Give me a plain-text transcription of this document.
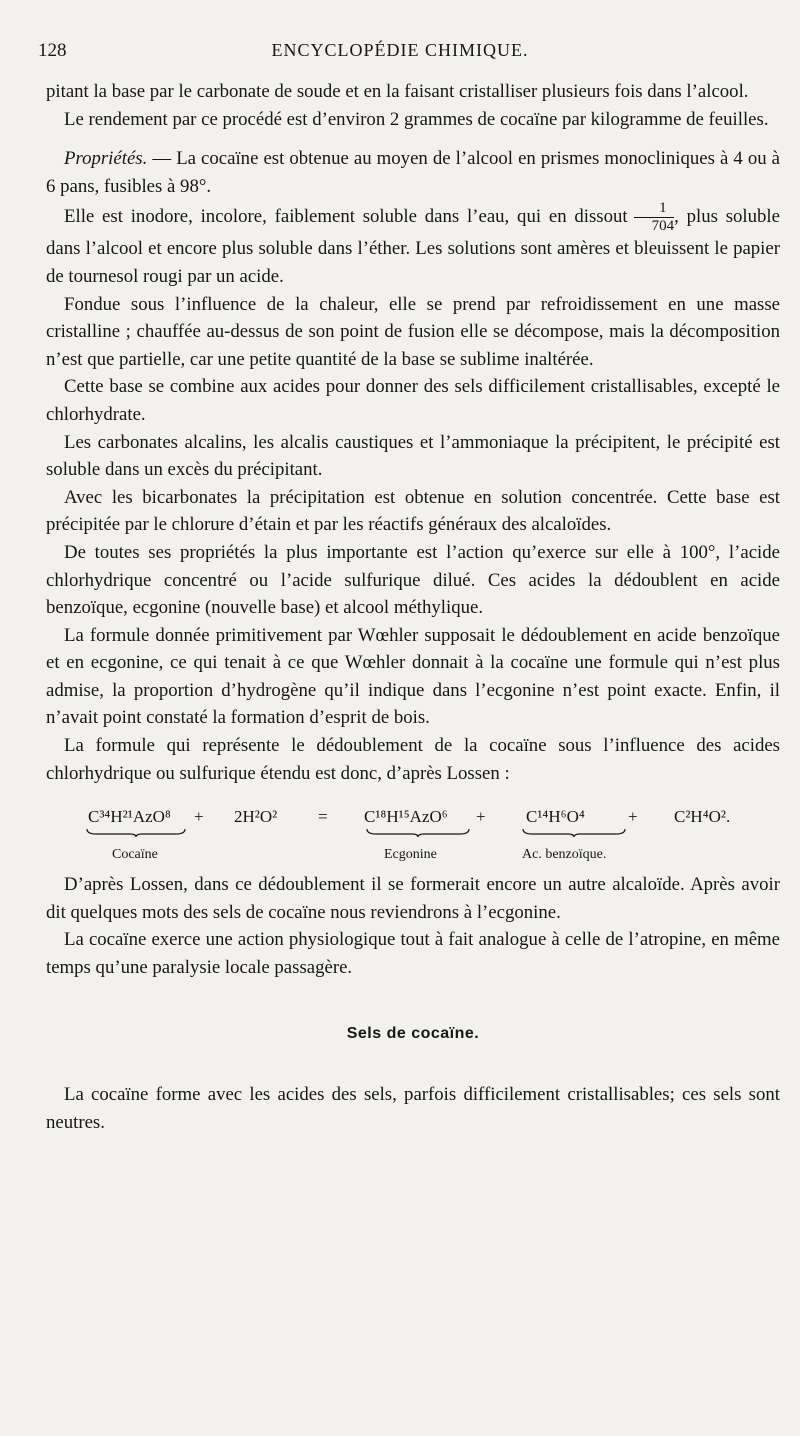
128	ENCYCLOPÉDIE CHIMIQUE.

pitant la base par le carbonate de soude et en la faisant cristalliser plusieurs fois dans l’alcool.

Le rendement par ce procédé est d’environ 2 grammes de cocaïne par kilogramme de feuilles.

Propriétés. — La cocaïne est obtenue au moyen de l’alcool en prismes monocliniques à 4 ou à 6 pans, fusibles à 98°.

Elle est inodore, incolore, faiblement soluble dans l’eau, qui en dissout $\frac{1}{704}$ , plus soluble dans l’alcool et encore plus soluble dans l’éther. Les solutions sont amères et bleuissent le papier de tournesol rougi par un acide.

Fondue sous l’influence de la chaleur, elle se prend par refroidissement en une masse cristalline ; chauffée au-dessus de son point de fusion elle se décompose, mais la décomposition n’est que partielle, car une petite quantité de la base se sublime inaltérée.

Cette base se combine aux acides pour donner des sels difficilement cristallisables, excepté le chlorhydrate.

Les carbonates alcalins, les alcalis caustiques et l’ammoniaque la précipitent, le précipité est soluble dans un excès du précipitant.

Avec les bicarbonates la précipitation est obtenue en solution concentrée. Cette base est précipitée par le chlorure d’étain et par les réactifs généraux des alcaloïdes.

De toutes ses propriétés la plus importante est l’action qu’exerce sur elle à 100°, l’acide chlorhydrique concentré ou l’acide sulfurique dilué. Ces acides la dédoublent en acide benzoïque, ecgonine (nouvelle base) et alcool méthylique.

La formule donnée primitivement par Wœhler supposait le dédoublement en acide benzoïque et en ecgonine, ce qui tenait à ce que Wœhler donnait à la cocaïne une formule qui n’est plus admise, la proportion d’hydrogène qu’il indique dans l’ecgonine n’est point exacte. Enfin, il n’avait point constaté la formation d’esprit de bois.

La formule qui représente le dédoublement de la cocaïne sous l’influence des acides chlorhydrique ou sulfurique étendu est donc, d’après Lossen :

C³⁴H²¹AzO⁸ + 2H²O² = C¹⁸H¹⁵AzO⁶ + C¹⁴H⁶O⁴	+ C²H⁴O².
Cocaïne	Ecgonine	Ac. benzoïque.

D’après Lossen, dans ce dédoublement il se formerait encore un autre alcaloïde. Après avoir dit quelques mots des sels de cocaïne nous reviendrons à l’ecgonine.

La cocaïne exerce une action physiologique tout à fait analogue à celle de l’atropine, en même temps qu’une paralysie locale passagère.

Sels de cocaïne.

La cocaïne forme avec les acides des sels, parfois difficilement cristallisables; ces sels sont neutres.
